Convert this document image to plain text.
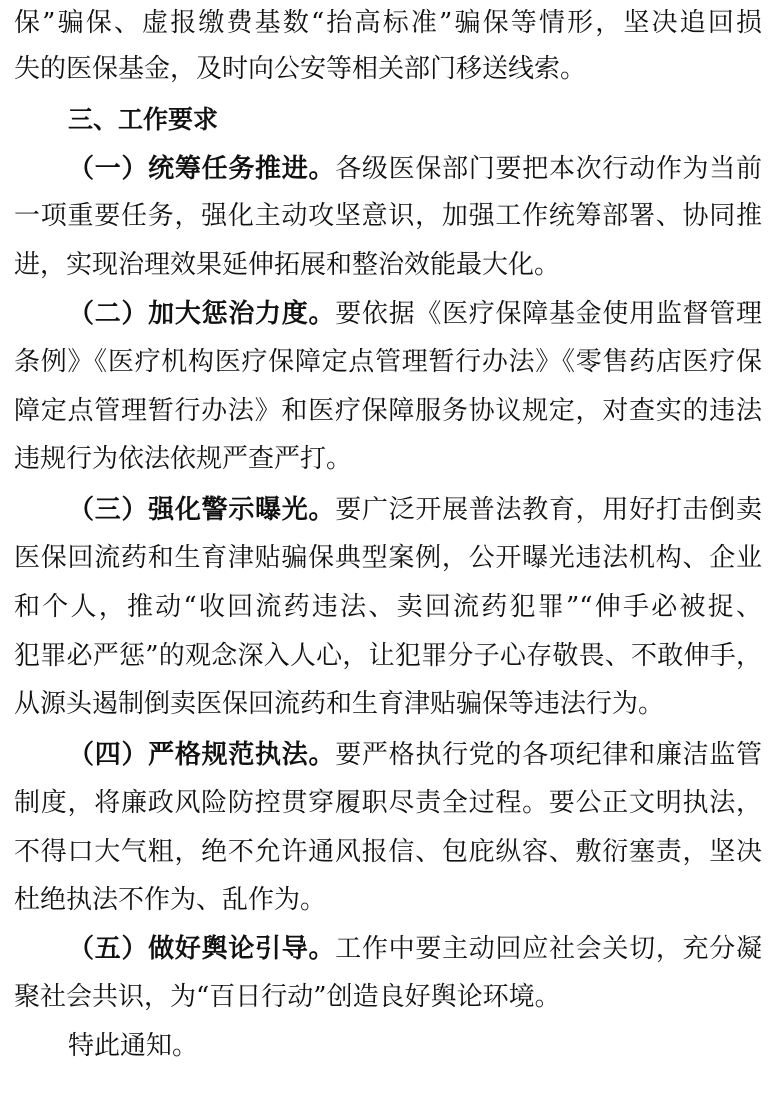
保”骗保、虚报缴费基数“抬高标准”骗保等情形，坚决追回损
失的医保基金，及时向公安等相关部门移送线索。
三、工作要求
（一）统筹任务推进。各级医保部门要把本次行动作为当前
一项重要任务，强化主动攻坚意识，加强工作统筹部署、协同推
进，实现治理效果延伸拓展和整治效能最大化。
（二）加大惩治力度。要依据《医疗保障基金使用监督管理
条例》《医疗机构医疗保障定点管理暂行办法》《零售药店医疗保
障定点管理暂行办法》和医疗保障服务协议规定，对查实的违法
违规行为依法依规严查严打。
（三）强化警示曝光。要广泛开展普法教育，用好打击倒卖
医保回流药和生育津贴骗保典型案例，公开曝光违法机构、企业
和个人，推动“收回流药违法、卖回流药犯罪”“伸手必被捉、
犯罪必严惩”的观念深入人心，让犯罪分子心存敬畏、不敢伸手，
从源头遏制倒卖医保回流药和生育津贴骗保等违法行为。
（四）严格规范执法。要严格执行党的各项纪律和廉洁监管
制度，将廉政风险防控贯穿履职尽责全过程。要公正文明执法，
不得口大气粗，绝不允许通风报信、包庇纵容、敷衍塞责，坚决
杜绝执法不作为、乱作为。
（五）做好舆论引导。工作中要主动回应社会关切，充分凝
聚社会共识，为“百日行动”创造良好舆论环境。
特此通知。
